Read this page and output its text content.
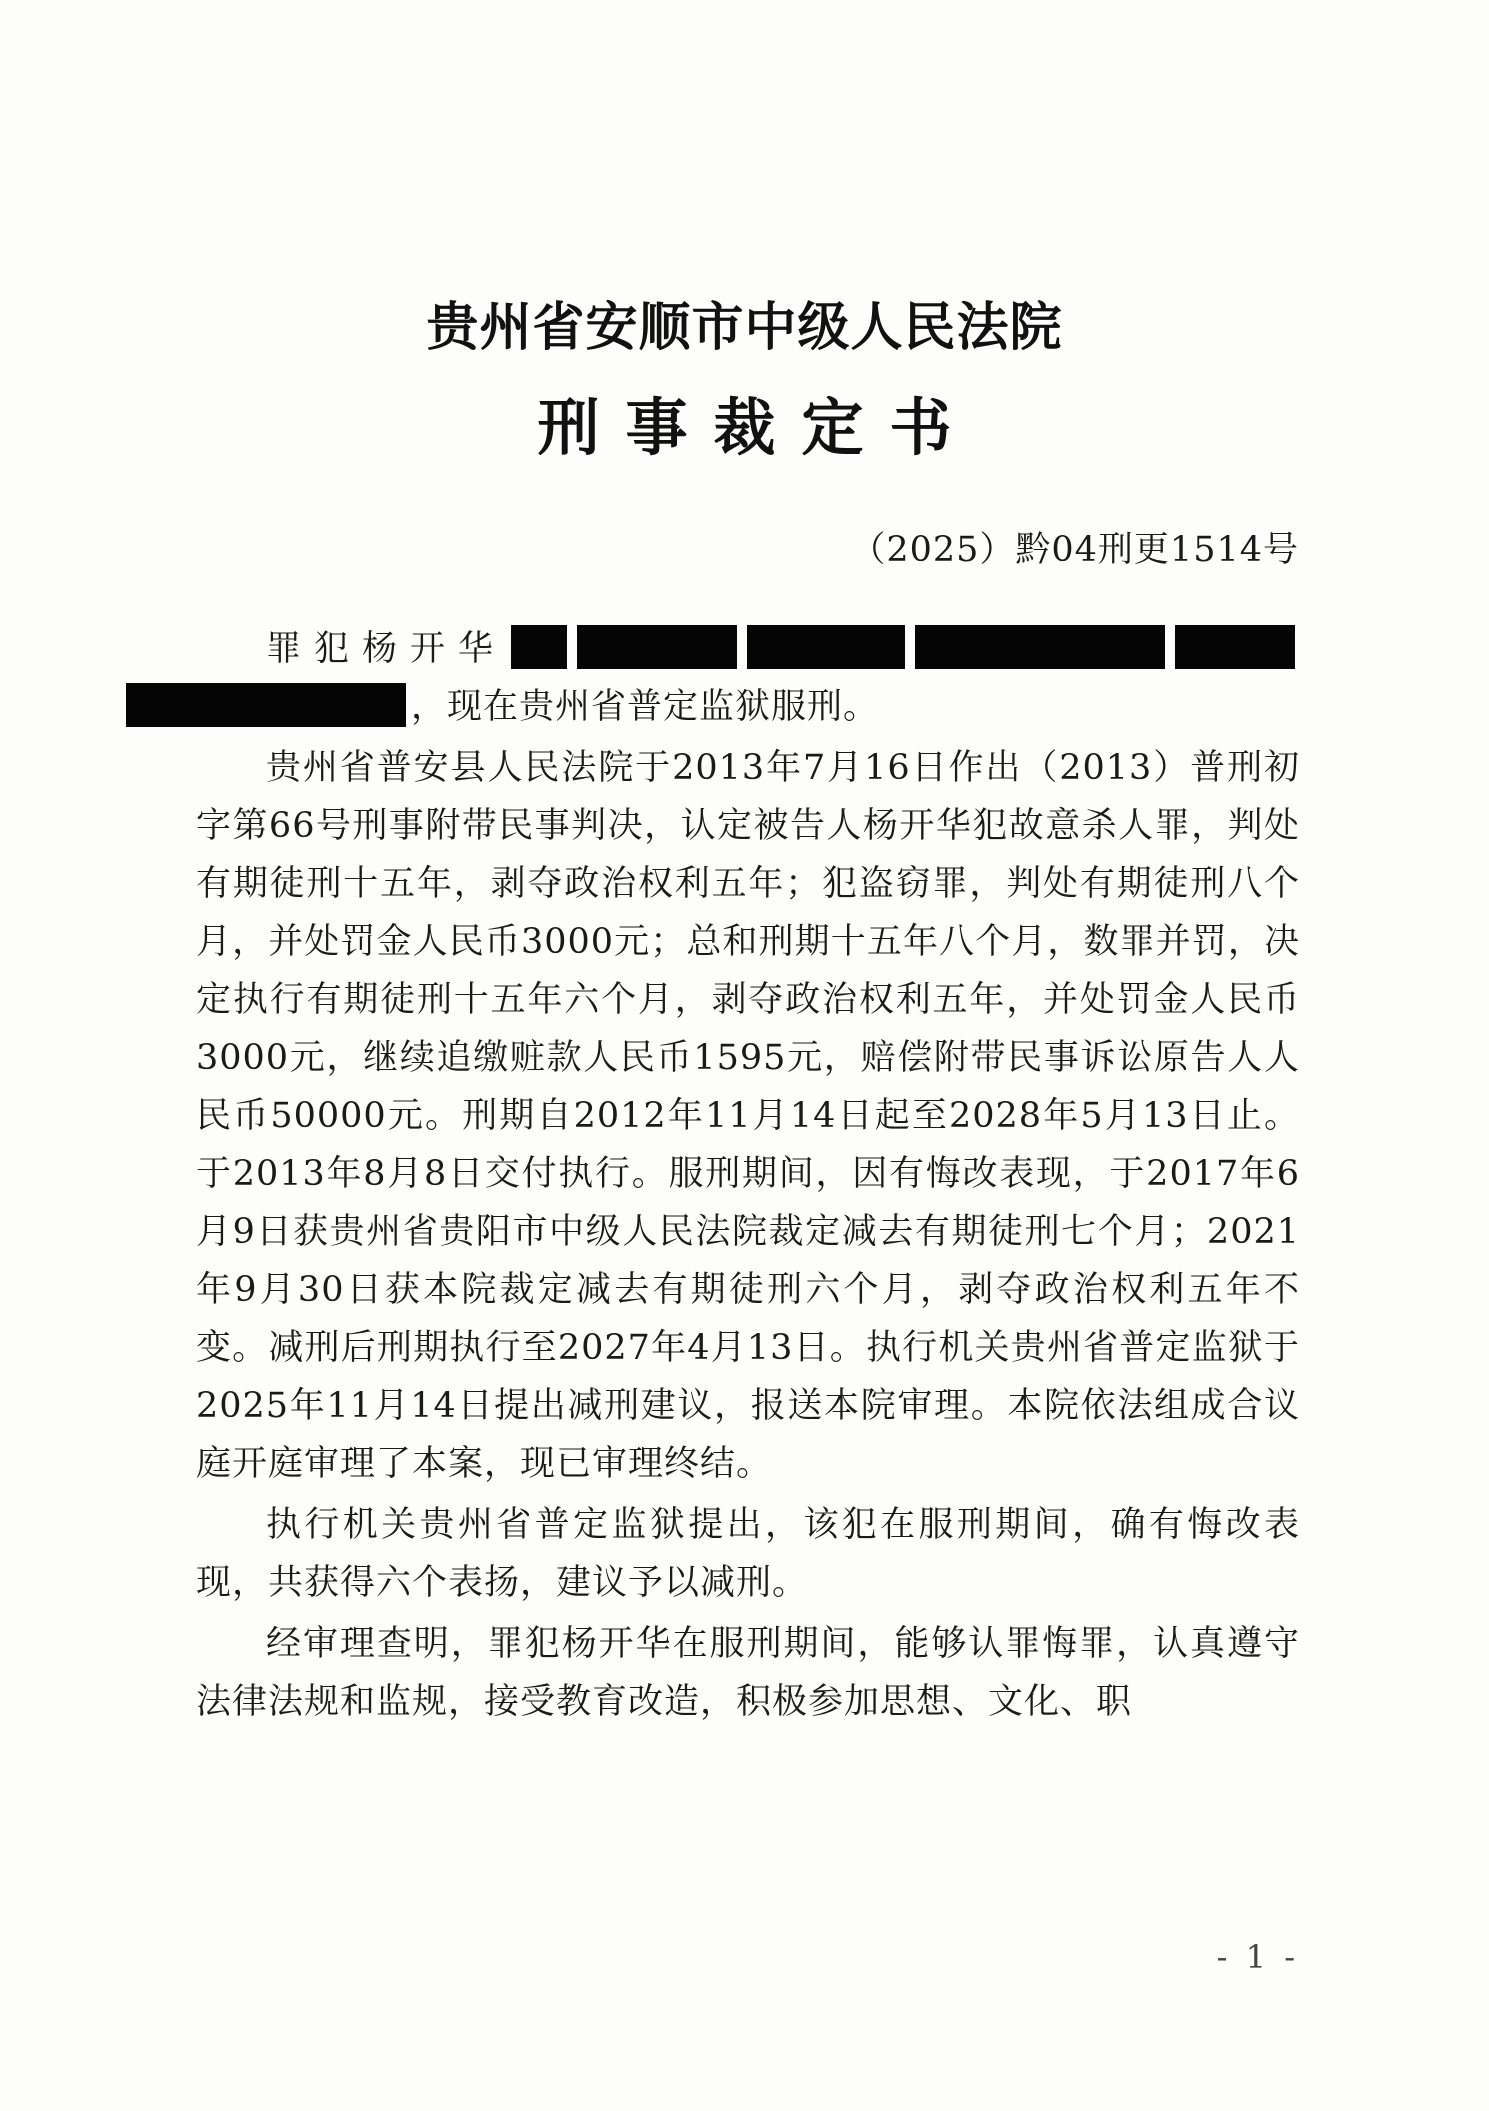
贵州省安顺市中级人民法院
刑事裁定书
（2025）黔04刑更1514号

罪犯杨开华，现在贵州省普定监狱服刑。

贵州省普安县人民法院于2013年7月16日作出（2013）普刑初字第66号刑事附带民事判决，认定被告人杨开华犯故意杀人罪，判处有期徒刑十五年，剥夺政治权利五年；犯盗窃罪，判处有期徒刑八个月，并处罚金人民币3000元；总和刑期十五年八个月，数罪并罚，决定执行有期徒刑十五年六个月，剥夺政治权利五年，并处罚金人民币3000元，继续追缴赃款人民币1595元，赔偿附带民事诉讼原告人人民币50000元。刑期自2012年11月14日起至2028年5月13日止。于2013年8月8日交付执行。服刑期间，因有悔改表现，于2017年6月9日获贵州省贵阳市中级人民法院裁定减去有期徒刑七个月；2021年9月30日获本院裁定减去有期徒刑六个月，剥夺政治权利五年不变。减刑后刑期执行至2027年4月13日。执行机关贵州省普定监狱于2025年11月14日提出减刑建议，报送本院审理。本院依法组成合议庭开庭审理了本案，现已审理终结。

执行机关贵州省普定监狱提出，该犯在服刑期间，确有悔改表现，共获得六个表扬，建议予以减刑。

经审理查明，罪犯杨开华在服刑期间，能够认罪悔罪，认真遵守法律法规和监规，接受教育改造，积极参加思想、文化、职

- 1 -
